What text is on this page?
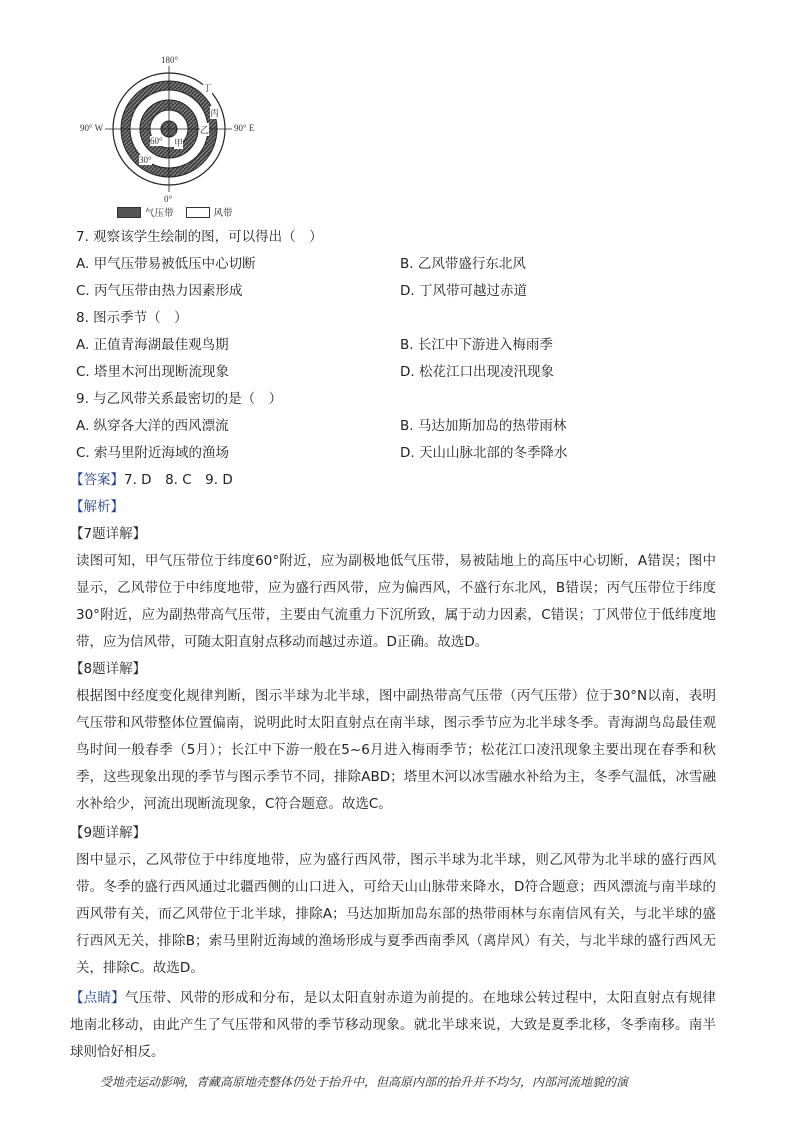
180°
0°
90° W	90° E
60°
30°
甲
乙
丙
丁
气压带	风带
7. 观察该学生绘制的图，可以得出（　）
A. 甲气压带易被低压中心切断	B. 乙风带盛行东北风
C. 丙气压带由热力因素形成	D. 丁风带可越过赤道
8. 图示季节（　）
A. 正值青海湖最佳观鸟期	B. 长江中下游进入梅雨季
C. 塔里木河出现断流现象	D. 松花江口出现凌汛现象
9. 与乙风带关系最密切的是（　）
A. 纵穿各大洋的西风漂流	B. 马达加斯加岛的热带雨林
C. 索马里附近海域的渔场	D. 天山山脉北部的冬季降水
【答案】7. D　8. C　9. D
【解析】
【7题详解】

读图可知，甲气压带位于纬度60°附近，应为副极地低气压带，易被陆地上的高压中心切断，A错误；图中显示，乙风带位于中纬度地带，应为盛行西风带，应为偏西风，不盛行东北风，B错误；丙气压带位于纬度30°附近，应为副热带高气压带，主要由气流重力下沉所致，属于动力因素，C错误；丁风带位于低纬度地带，应为信风带，可随太阳直射点移动而越过赤道。D正确。故选D。

【8题详解】

根据图中经度变化规律判断，图示半球为北半球，图中副热带高气压带（丙气压带）位于30°N以南，表明气压带和风带整体位置偏南，说明此时太阳直射点在南半球，图示季节应为北半球冬季。青海湖鸟岛最佳观鸟时间一般春季（5月）；长江中下游一般在5~6月进入梅雨季节；松花江口凌汛现象主要出现在春季和秋季，这些现象出现的季节与图示季节不同，排除ABD；塔里木河以冰雪融水补给为主，冬季气温低，冰雪融水补给少，河流出现断流现象，C符合题意。故选C。

【9题详解】

图中显示，乙风带位于中纬度地带，应为盛行西风带，图示半球为北半球，则乙风带为北半球的盛行西风带。冬季的盛行西风通过北疆西侧的山口进入，可给天山山脉带来降水，D符合题意；西风漂流与南半球的西风带有关，而乙风带位于北半球，排除A；马达加斯加岛东部的热带雨林与东南信风有关，与北半球的盛行西风无关，排除B；索马里附近海域的渔场形成与夏季西南季风（离岸风）有关，与北半球的盛行西风无关，排除C。故选D。

【点睛】气压带、风带的形成和分布，是以太阳直射赤道为前提的。在地球公转过程中，太阳直射点有规律地南北移动，由此产生了气压带和风带的季节移动现象。就北半球来说，大致是夏季北移，冬季南移。南半球则恰好相反。

受地壳运动影响，青藏高原地壳整体仍处于抬升中，但高原内部的抬升并不均匀，内部河流地貌的演
